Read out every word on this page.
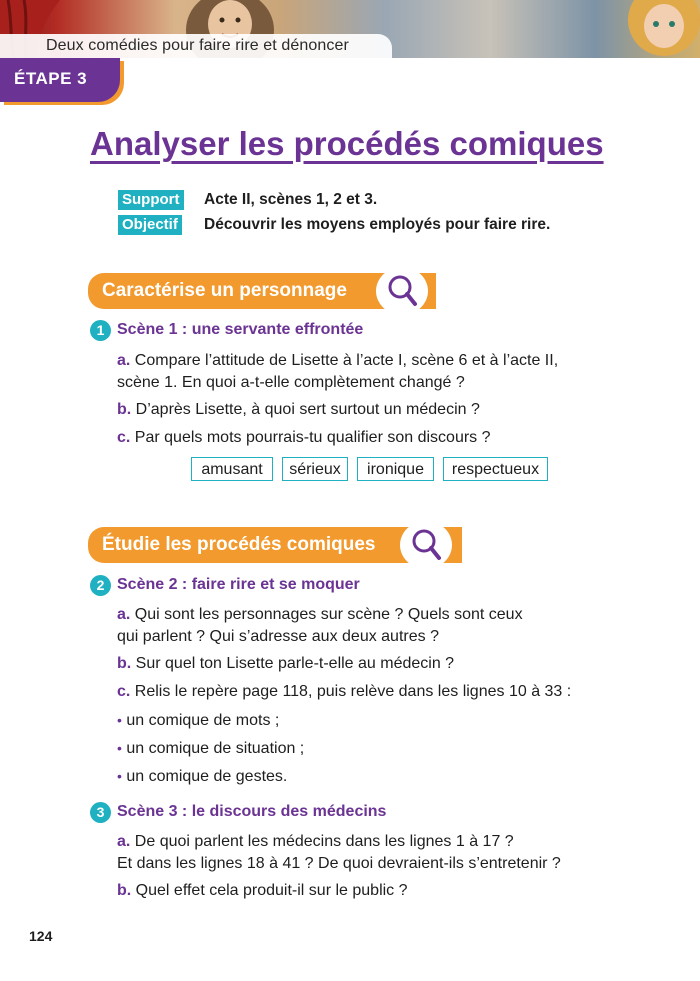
Deux comédies pour faire rire et dénoncer
ÉTAPE 3
Analyser les procédés comiques
Support Acte II, scènes 1, 2 et 3.
Objectif Découvrir les moyens employés pour faire rire.
Caractérise un personnage
1 Scène 1 : une servante effrontée
a. Compare l’attitude de Lisette à l’acte I, scène 6 et à l’acte II,
scène 1. En quoi a-t-elle complètement changé ?
b. D’après Lisette, à quoi sert surtout un médecin ?
c. Par quels mots pourrais-tu qualifier son discours ?
amusant	sérieux	ironique	respectueux
Étudie les procédés comiques
2 Scène 2 : faire rire et se moquer
a. Qui sont les personnages sur scène ? Quels sont ceux
qui parlent ? Qui s’adresse aux deux autres ?
b. Sur quel ton Lisette parle-t-elle au médecin ?
c. Relis le repère page 118, puis relève dans les lignes 10 à 33 :
• un comique de mots ;
• un comique de situation ;
• un comique de gestes.
3 Scène 3 : le discours des médecins
a. De quoi parlent les médecins dans les lignes 1 à 17 ?
Et dans les lignes 18 à 41 ? De quoi devraient-ils s’entretenir ?
b. Quel effet cela produit-il sur le public ?
124
